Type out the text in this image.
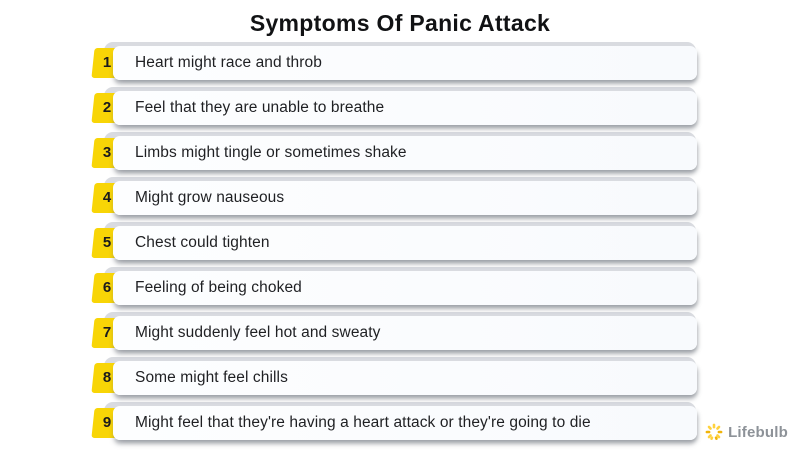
Symptoms Of Panic Attack
1	Heart might race and throb
2	Feel that they are unable to breathe
3	Limbs might tingle or sometimes shake
4	Might grow nauseous
5	Chest could tighten
6	Feeling of being choked
7	Might suddenly feel hot and sweaty
8	Some might feel chills
9	Might feel that they're having a heart attack or they're going to die
Lifebulb
